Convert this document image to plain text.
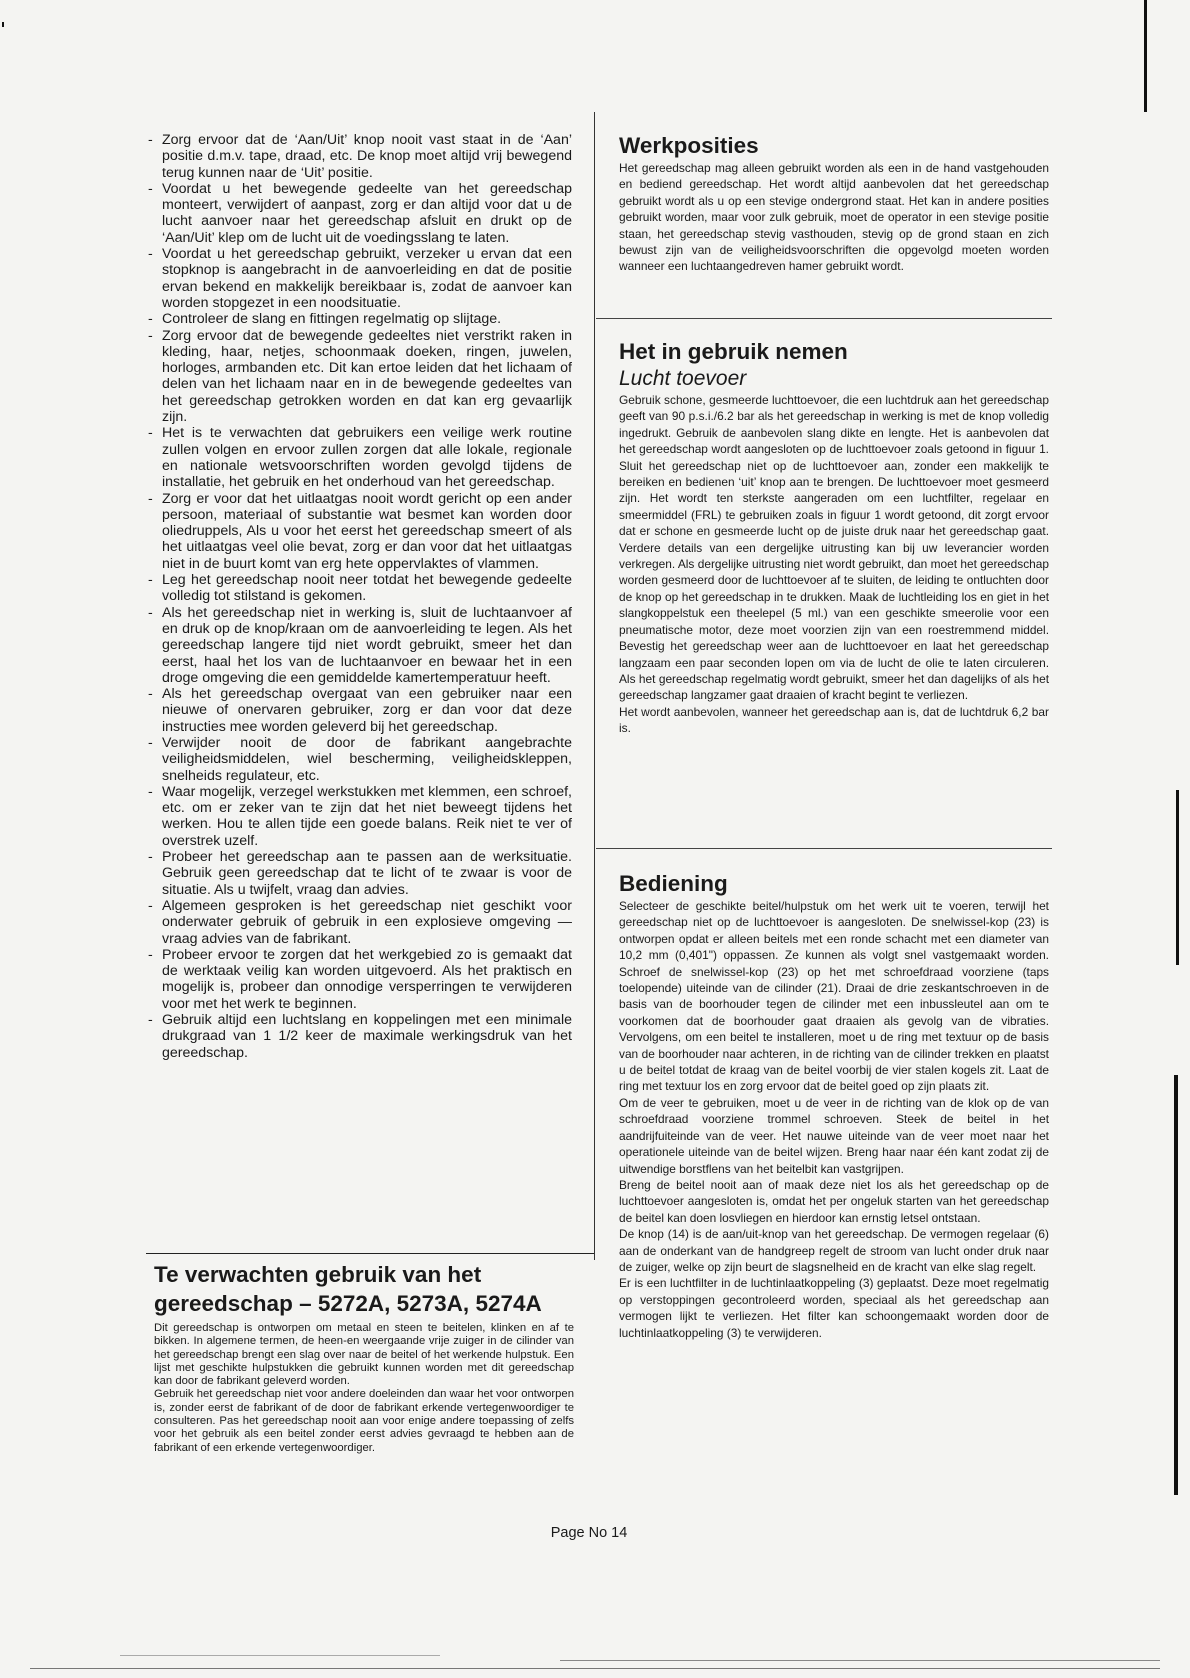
- Zorg ervoor dat de ‘Aan/Uit’ knop nooit vast staat in de ‘Aan’ positie d.m.v. tape, draad, etc. De knop moet altijd vrij bewegend terug kunnen naar de ‘Uit’ positie.
- Voordat u het bewegende gedeelte van het gereedschap monteert, verwijdert of aanpast, zorg er dan altijd voor dat u de lucht aanvoer naar het gereedschap afsluit en drukt op de ‘Aan/Uit’ klep om de lucht uit de voedingsslang te laten.
- Voordat u het gereedschap gebruikt, verzeker u ervan dat een stopknop is aangebracht in de aanvoerleiding en dat de positie ervan bekend en makkelijk bereikbaar is, zodat de aanvoer kan worden stopgezet in een noodsituatie.
- Controleer de slang en fittingen regelmatig op slijtage.
- Zorg ervoor dat de bewegende gedeeltes niet verstrikt raken in kleding, haar, netjes, schoonmaak doeken, ringen, juwelen, horloges, armbanden etc. Dit kan ertoe leiden dat het lichaam of delen van het lichaam naar en in de bewegende gedeeltes van het gereedschap getrokken worden en dat kan erg gevaarlijk zijn.
- Het is te verwachten dat gebruikers een veilige werk routine zullen volgen en ervoor zullen zorgen dat alle lokale, regionale en nationale wetsvoorschriften worden gevolgd tijdens de installatie, het gebruik en het onderhoud van het gereedschap.
- Zorg er voor dat het uitlaatgas nooit wordt gericht op een ander persoon, materiaal of substantie wat besmet kan worden door oliedruppels, Als u voor het eerst het gereedschap smeert of als het uitlaatgas veel olie bevat, zorg er dan voor dat het uitlaatgas niet in de buurt komt van erg hete oppervlaktes of vlammen.
- Leg het gereedschap nooit neer totdat het bewegende gedeelte volledig tot stilstand is gekomen.
- Als het gereedschap niet in werking is, sluit de luchtaanvoer af en druk op de knop/kraan om de aanvoerleiding te legen. Als het gereedschap langere tijd niet wordt gebruikt, smeer het dan eerst, haal het los van de luchtaanvoer en bewaar het in een droge omgeving die een gemiddelde kamertemperatuur heeft.
- Als het gereedschap overgaat van een gebruiker naar een nieuwe of onervaren gebruiker, zorg er dan voor dat deze instructies mee worden geleverd bij het gereedschap.
- Verwijder nooit de door de fabrikant aangebrachte veiligheidsmiddelen, wiel bescherming, veiligheidskleppen, snelheids regulateur, etc.
- Waar mogelijk, verzegel werkstukken met klemmen, een schroef, etc. om er zeker van te zijn dat het niet beweegt tijdens het werken. Hou te allen tijde een goede balans. Reik niet te ver of overstrek uzelf.
- Probeer het gereedschap aan te passen aan de werksituatie. Gebruik geen gereedschap dat te licht of te zwaar is voor de situatie. Als u twijfelt, vraag dan advies.
- Algemeen gesproken is het gereedschap niet geschikt voor onderwater gebruik of gebruik in een explosieve omgeving — vraag advies van de fabrikant.
- Probeer ervoor te zorgen dat het werkgebied zo is gemaakt dat de werktaak veilig kan worden uitgevoerd. Als het praktisch en mogelijk is, probeer dan onnodige versperringen te verwijderen voor met het werk te beginnen.
- Gebruik altijd een luchtslang en koppelingen met een minimale drukgraad van 1 1/2 keer de maximale werkingsdruk van het gereedschap.
Te verwachten gebruik van het gereedschap – 5272A, 5273A, 5274A

Dit gereedschap is ontworpen om metaal en steen te beitelen, klinken en af te bikken. In algemene termen, de heen-en weergaande vrije zuiger in de cilinder van het gereedschap brengt een slag over naar de beitel of het werkende hulpstuk. Een lijst met geschikte hulpstukken die gebruikt kunnen worden met dit gereedschap kan door de fabrikant geleverd worden.

Gebruik het gereedschap niet voor andere doeleinden dan waar het voor ontworpen is, zonder eerst de fabrikant of de door de fabrikant erkende vertegenwoordiger te consulteren. Pas het gereedschap nooit aan voor enige andere toepassing of zelfs voor het gebruik als een beitel zonder eerst advies gevraagd te hebben aan de fabrikant of een erkende vertegenwoordiger.

Werkposities

Het gereedschap mag alleen gebruikt worden als een in de hand vastgehouden en bediend gereedschap. Het wordt altijd aanbevolen dat het gereedschap gebruikt wordt als u op een stevige ondergrond staat. Het kan in andere posities gebruikt worden, maar voor zulk gebruik, moet de operator in een stevige positie staan, het gereedschap stevig vasthouden, stevig op de grond staan en zich bewust zijn van de veiligheidsvoorschriften die opgevolgd moeten worden wanneer een luchtaangedreven hamer gebruikt wordt.

Het in gebruik nemen
Lucht toevoer

Gebruik schone, gesmeerde luchttoevoer, die een luchtdruk aan het gereedschap geeft van 90 p.s.i./6.2 bar als het gereedschap in werking is met de knop volledig ingedrukt. Gebruik de aanbevolen slang dikte en lengte. Het is aanbevolen dat het gereedschap wordt aangesloten op de luchttoevoer zoals getoond in figuur 1. Sluit het gereedschap niet op de luchttoevoer aan, zonder een makkelijk te bereiken en bedienen ‘uit’ knop aan te brengen. De luchttoevoer moet gesmeerd zijn. Het wordt ten sterkste aangeraden om een luchtfilter, regelaar en smeermiddel (FRL) te gebruiken zoals in figuur 1 wordt getoond, dit zorgt ervoor dat er schone en gesmeerde lucht op de juiste druk naar het gereedschap gaat. Verdere details van een dergelijke uitrusting kan bij uw leverancier worden verkregen. Als dergelijke uitrusting niet wordt gebruikt, dan moet het gereedschap worden gesmeerd door de luchttoevoer af te sluiten, de leiding te ontluchten door de knop op het gereedschap in te drukken. Maak de luchtleiding los en giet in het slangkoppelstuk een theelepel (5 ml.) van een geschikte smeerolie voor een pneumatische motor, deze moet voorzien zijn van een roestremmend middel. Bevestig het gereedschap weer aan de luchttoevoer en laat het gereedschap langzaam een paar seconden lopen om via de lucht de olie te laten circuleren. Als het gereedschap regelmatig wordt gebruikt, smeer het dan dagelijks of als het gereedschap langzamer gaat draaien of kracht begint te verliezen.

Het wordt aanbevolen, wanneer het gereedschap aan is, dat de luchtdruk 6,2 bar is.

Bediening

Selecteer de geschikte beitel/hulpstuk om het werk uit te voeren, terwijl het gereedschap niet op de luchttoevoer is aangesloten. De snelwissel-kop (23) is ontworpen opdat er alleen beitels met een ronde schacht met een diameter van 10,2 mm (0,401") oppassen. Ze kunnen als volgt snel vastgemaakt worden. Schroef de snelwissel-kop (23) op het met schroefdraad voorziene (taps toelopende) uiteinde van de cilinder (21). Draai de drie zeskantschroeven in de basis van de boorhouder tegen de cilinder met een inbussleutel aan om te voorkomen dat de boorhouder gaat draaien als gevolg van de vibraties. Vervolgens, om een beitel te installeren, moet u de ring met textuur op de basis van de boorhouder naar achteren, in de richting van de cilinder trekken en plaatst u de beitel totdat de kraag van de beitel voorbij de vier stalen kogels zit. Laat de ring met textuur los en zorg ervoor dat de beitel goed op zijn plaats zit.

Om de veer te gebruiken, moet u de veer in de richting van de klok op de van schroefdraad voorziene trommel schroeven. Steek de beitel in het aandrijfuiteinde van de veer. Het nauwe uiteinde van de veer moet naar het operationele uiteinde van de beitel wijzen. Breng haar naar één kant zodat zij de uitwendige borstflens van het beitelbit kan vastgrijpen.

Breng de beitel nooit aan of maak deze niet los als het gereedschap op de luchttoevoer aangesloten is, omdat het per ongeluk starten van het gereedschap de beitel kan doen losvliegen en hierdoor kan ernstig letsel ontstaan.

De knop (14) is de aan/uit-knop van het gereedschap. De vermogen regelaar (6) aan de onderkant van de handgreep regelt de stroom van lucht onder druk naar de zuiger, welke op zijn beurt de slagsnelheid en de kracht van elke slag regelt.

Er is een luchtfilter in de luchtinlaatkoppeling (3) geplaatst. Deze moet regelmatig op verstoppingen gecontroleerd worden, speciaal als het gereedschap aan vermogen lijkt te verliezen. Het filter kan schoongemaakt worden door de luchtinlaatkoppeling (3) te verwijderen.

Page No 14
